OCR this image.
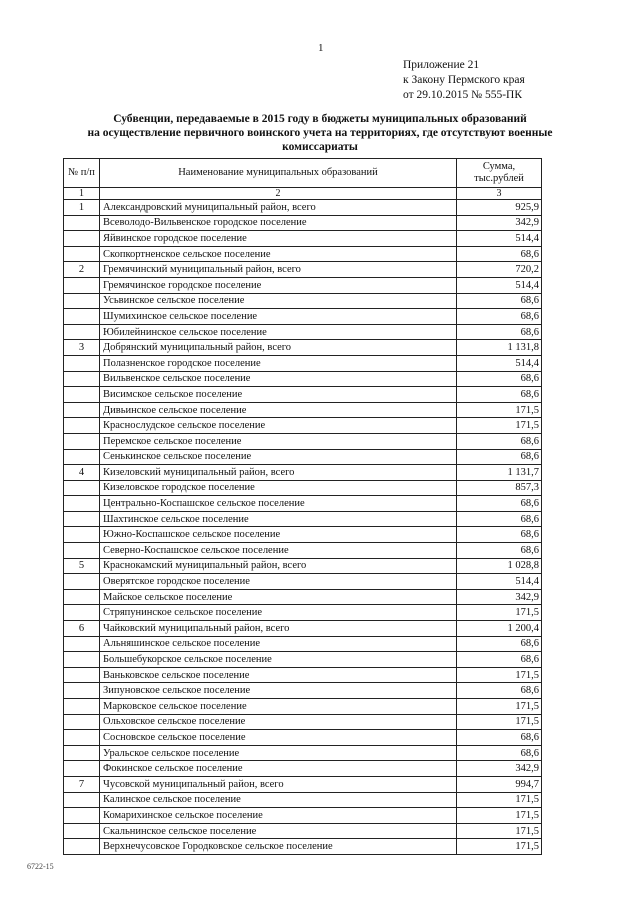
1
Приложение 21
к Закону Пермского края
от 29.10.2015 № 555-ПК
Субвенции, передаваемые в 2015 году в бюджеты муниципальных образований
на осуществление первичного воинского учета на территориях, где отсутствуют военные
комиссариаты
№ п/п	Наименование муниципальных образований	Сумма, тыс.рублей
1	2	3
1	Александровский муниципальный район, всего	925,9
	Всеволодо-Вильвенское городское поселение	342,9
	Яйвинское городское поселение	514,4
	Скопкортненское сельское поселение	68,6
2	Гремячинский муниципальный район, всего	720,2
	Гремячинское городское поселение	514,4
	Усьвинское сельское поселение	68,6
	Шумихинское сельское поселение	68,6
	Юбилейнинское сельское поселение	68,6
3	Добрянский муниципальный район, всего	1 131,8
	Полазненское городское поселение	514,4
	Вильвенское сельское поселение	68,6
	Висимское сельское поселение	68,6
	Дивьинское сельское поселение	171,5
	Краснослудское сельское поселение	171,5
	Перемское сельское поселение	68,6
	Сенькинское сельское поселение	68,6
4	Кизеловский муниципальный район, всего	1 131,7
	Кизеловское городское поселение	857,3
	Центрально-Коспашское сельское поселение	68,6
	Шахтинское сельское поселение	68,6
	Южно-Коспашское сельское поселение	68,6
	Северно-Коспашское сельское поселение	68,6
5	Краснокамский муниципальный район, всего	1 028,8
	Оверятское городское поселение	514,4
	Майское сельское поселение	342,9
	Стряпунинское сельское поселение	171,5
6	Чайковский муниципальный район, всего	1 200,4
	Альняшинское сельское поселение	68,6
	Большебукорское сельское поселение	68,6
	Ваньковское сельское поселение	171,5
	Зипуновское сельское поселение	68,6
	Марковское сельское поселение	171,5
	Ольховское сельское поселение	171,5
	Сосновское сельское поселение	68,6
	Уральское сельское поселение	68,6
	Фокинское сельское поселение	342,9
7	Чусовской муниципальный район, всего	994,7
	Калинское сельское поселение	171,5
	Комарихинское сельское поселение	171,5
	Скальнинское сельское поселение	171,5
	Верхнечусовское Городковское сельское поселение	171,5
6722-15
